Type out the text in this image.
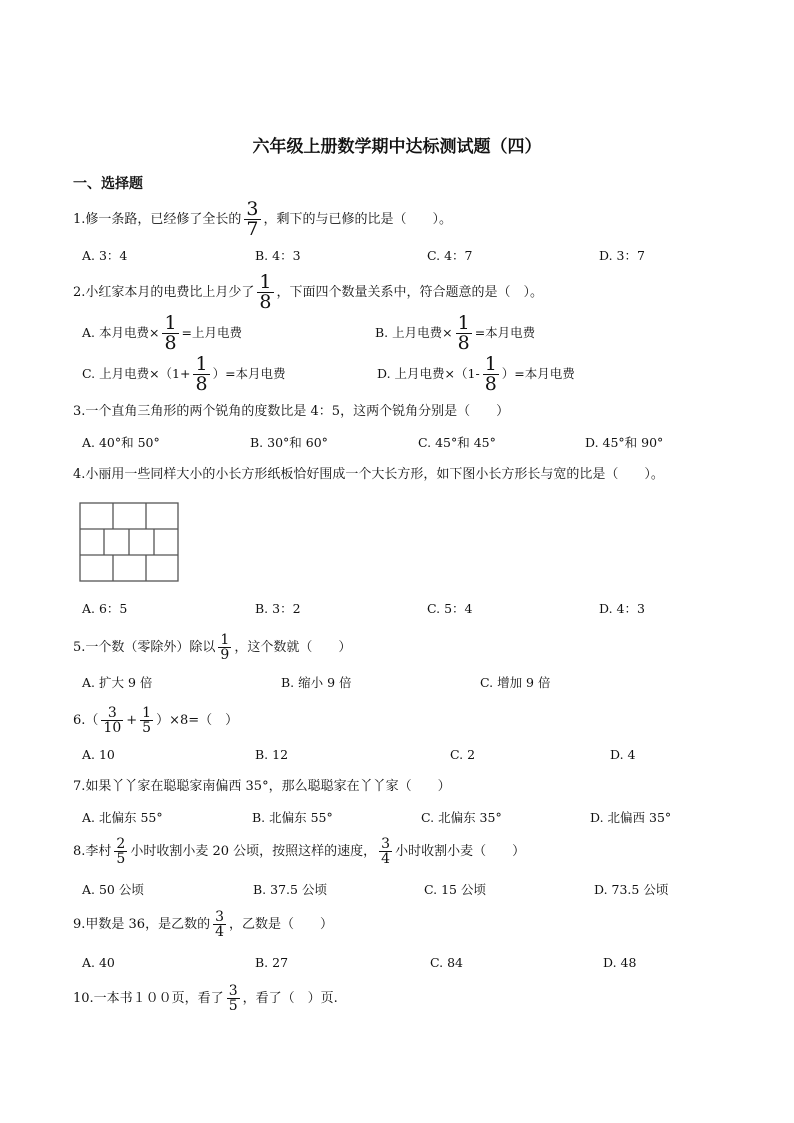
六年级上册数学期中达标测试题（四）
一、选择题
1.修一条路，已经修了全长的 $\frac{3}{7}$ ，剩下的与已修的比是（　　）。
A. 3：4	B. 4：3	C. 4：7	D. 3：7
2.小红家本月的电费比上月少了 $\frac{1}{8}$ ，下面四个数量关系中，符合题意的是（　）。
A. 本月电费× $\frac{1}{8}$ =上月电费	B. 上月电费× $\frac{1}{8}$ =本月电费
C. 上月电费$\times(1+ \frac{1}{8}$ ）=本月电费	D. 上月电费$\times(1- \frac{1}{8}$ ）=本月电费
3.一个直角三角形的两个锐角的度数比是 4：5，这两个锐角分别是（　　）
A. 40°和 50°	B. 30°和 60°	C. 45°和 45°	D. 45°和 90°
4.小丽用一些同样大小的小长方形纸板恰好围成一个大长方形，如下图小长方形长与宽的比是（　　）。
A. 6：5	B. 3：2	C. 5：4	D. 4：3
5.一个数（零除外）除以 $\frac{1}{9}$ ，这个数就（　　）
A. 扩大 9 倍	B. 缩小 9 倍	C. 增加 9 倍
$6.( \frac{3}{10} + \frac{1}{5} )\times 8=$（　）
A. 10	B. 12	C. 2	D. 4
7.如果丫丫家在聪聪家南偏西 35°，那么聪聪家在丫丫家（　　）
A. 北偏东 55°	B. 北偏东 55°	C. 北偏东 35°	D. 北偏西 35°
8.李村 $\frac{2}{5}$ 小时收割小麦 20 公顷，按照这样的速度， $\frac{3}{4}$ 小时收割小麦（　　）
A. 50 公顷	B. 37.5 公顷	C. 15 公顷	D. 73.5 公顷
9.甲数是 36，是乙数的 $\frac{3}{4}$ ，乙数是（　　）
A. 40	B. 27	C. 84	D. 48
10.一本书１００页，看了 $\frac{3}{5}$ ，看了（　）页.
